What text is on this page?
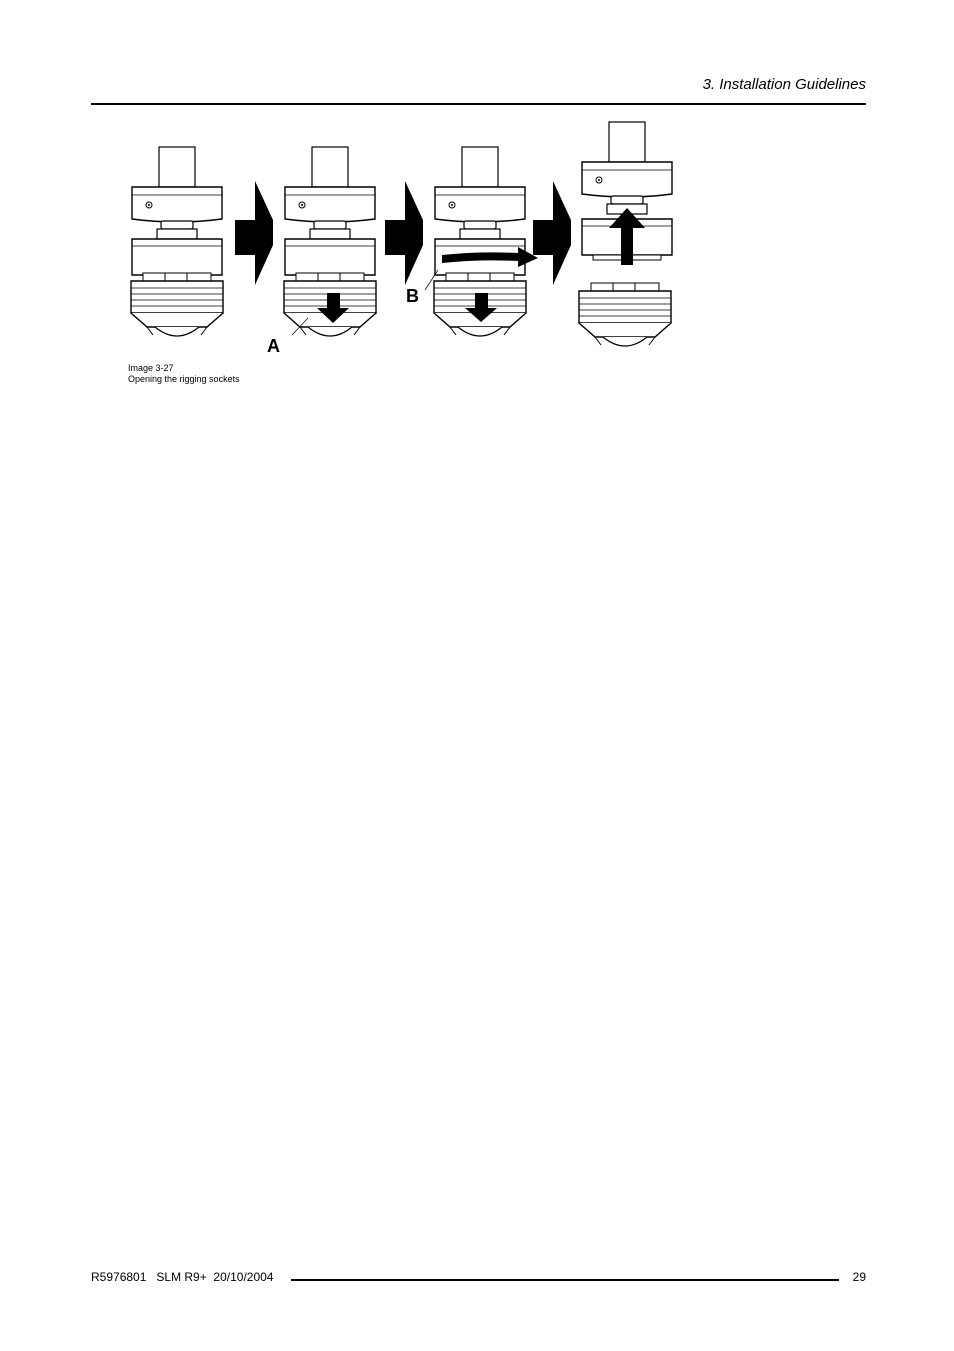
3. Installation Guidelines
A
B
Image 3-27
Opening the rigging sockets
R5976801   SLM R9+  20/10/2004	29
